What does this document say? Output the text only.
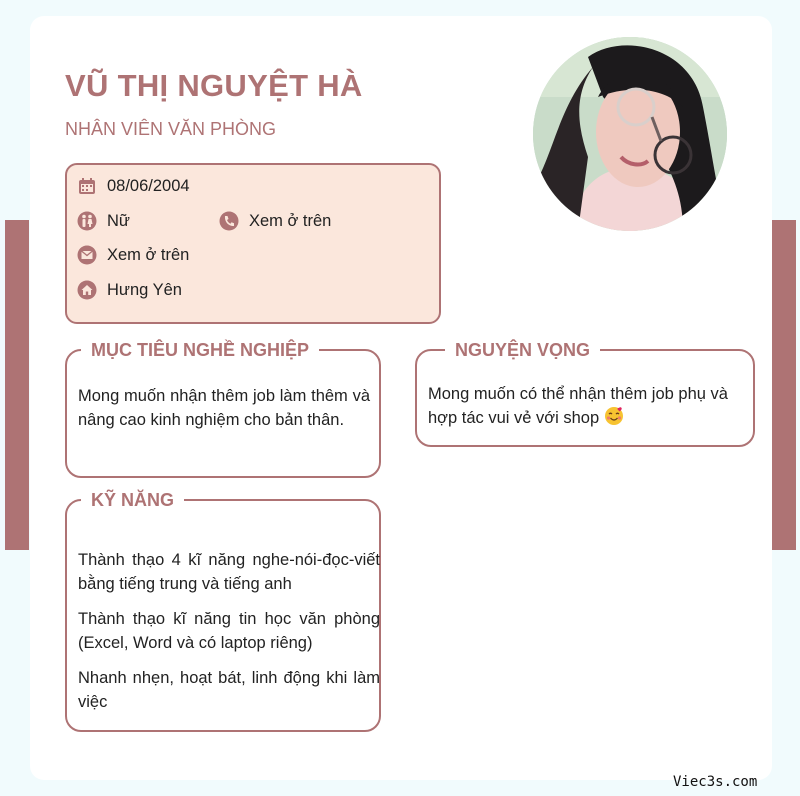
VŨ THỊ NGUYỆT HÀ
NHÂN VIÊN VĂN PHÒNG
08/06/2004
Nữ	Xem ở trên
Xem ở trên
Hưng Yên
MỤC TIÊU NGHỀ NGHIỆP
Mong muốn nhận thêm job làm thêm và nâng cao kinh nghiệm cho bản thân.
NGUYỆN VỌNG
Mong muốn có thể nhận thêm job phụ và hợp tác vui vẻ với shop
KỸ NĂNG
Thành thạo 4 kĩ năng nghe-nói-đọc-viết bằng tiếng trung và tiếng anh
Thành thạo kĩ năng tin học văn phòng (Excel, Word và có laptop riêng)
Nhanh nhẹn, hoạt bát, linh động khi làm việc
Viec3s.com
